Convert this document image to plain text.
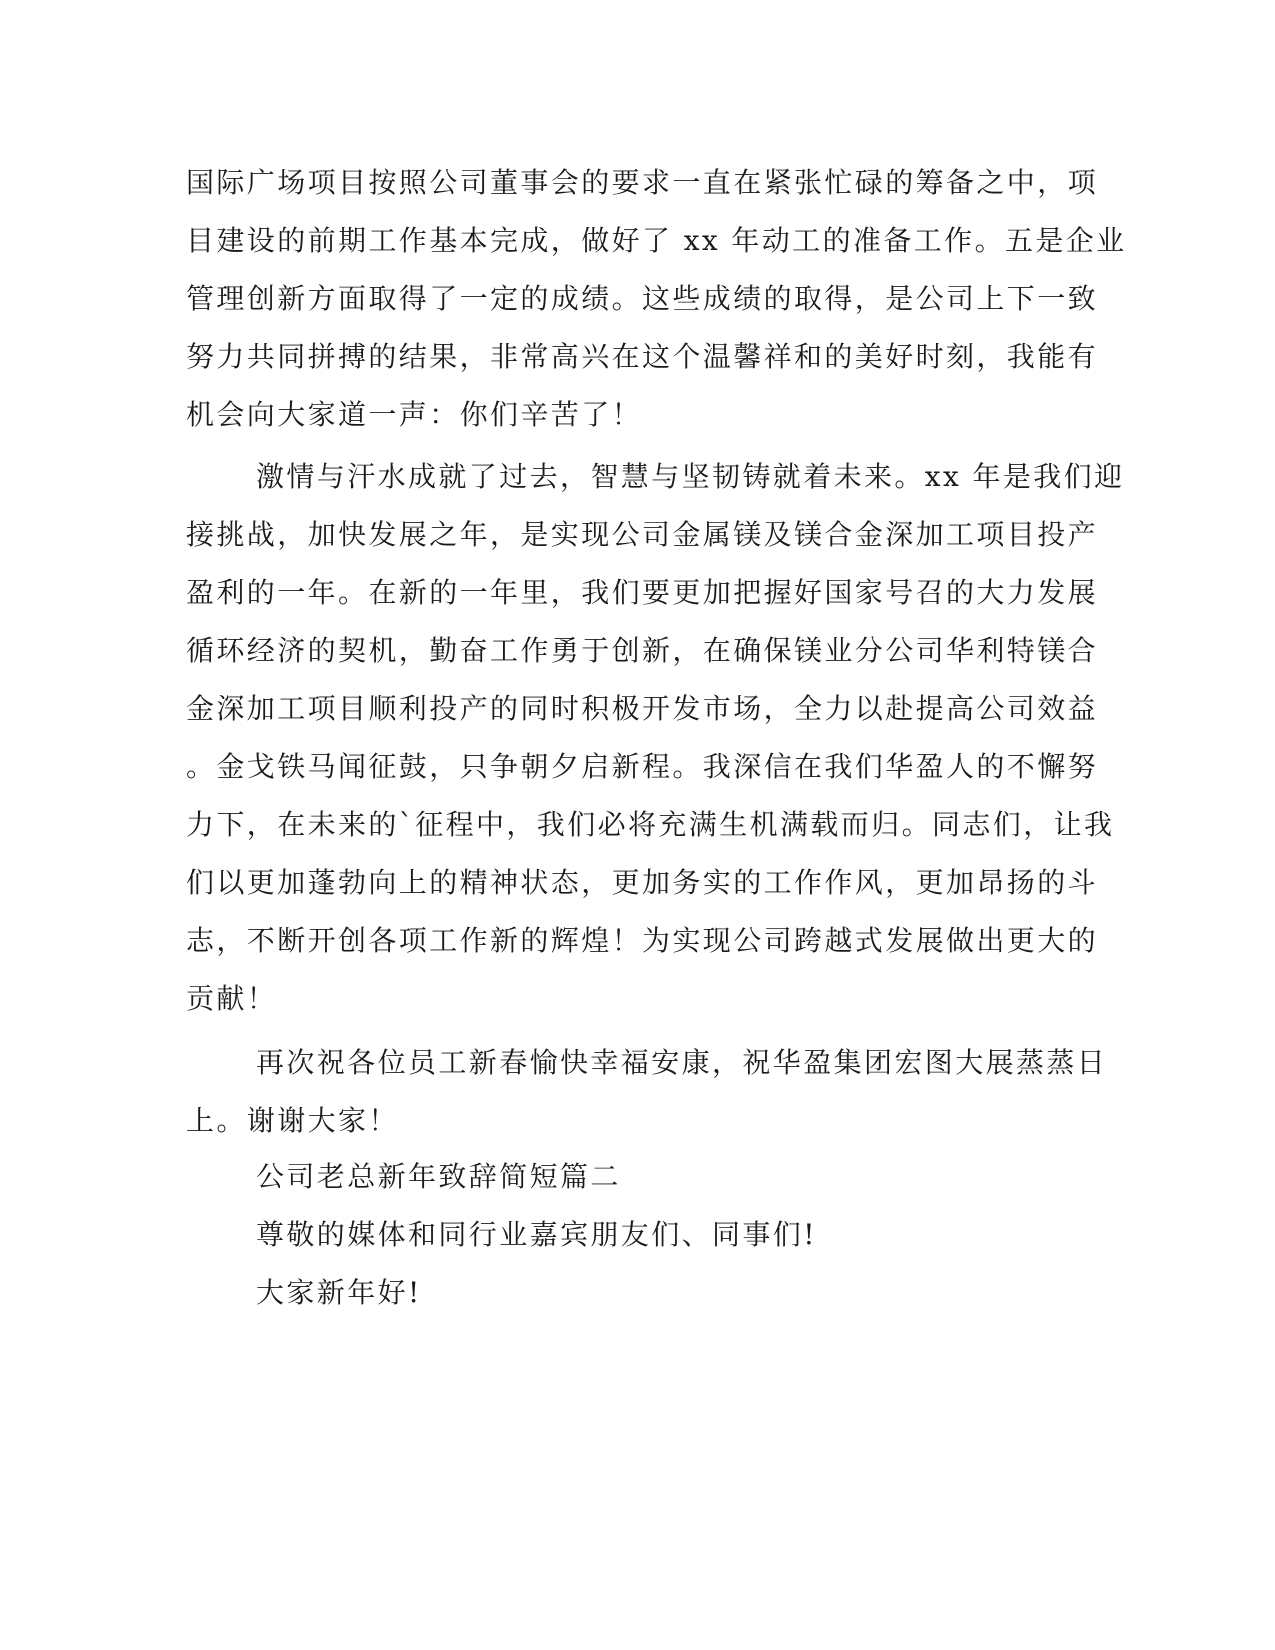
国际广场项目按照公司董事会的要求一直在紧张忙碌的筹备之中，项
目建设的前期工作基本完成，做好了 xx 年动工的准备工作。五是企业
管理创新方面取得了一定的成绩。这些成绩的取得，是公司上下一致
努力共同拼搏的结果，非常高兴在这个温馨祥和的美好时刻，我能有
机会向大家道一声：你们辛苦了！
激情与汗水成就了过去，智慧与坚韧铸就着未来。xx 年是我们迎
接挑战，加快发展之年，是实现公司金属镁及镁合金深加工项目投产
盈利的一年。在新的一年里，我们要更加把握好国家号召的大力发展
循环经济的契机，勤奋工作勇于创新，在确保镁业分公司华利特镁合
金深加工项目顺利投产的同时积极开发市场，全力以赴提高公司效益
。金戈铁马闻征鼓，只争朝夕启新程。我深信在我们华盈人的不懈努
力下，在未来的`征程中，我们必将充满生机满载而归。同志们，让我
们以更加蓬勃向上的精神状态，更加务实的工作作风，更加昂扬的斗
志，不断开创各项工作新的辉煌！为实现公司跨越式发展做出更大的
贡献！
再次祝各位员工新春愉快幸福安康，祝华盈集团宏图大展蒸蒸日
上。谢谢大家！
公司老总新年致辞简短篇二
尊敬的媒体和同行业嘉宾朋友们、同事们!
大家新年好!
